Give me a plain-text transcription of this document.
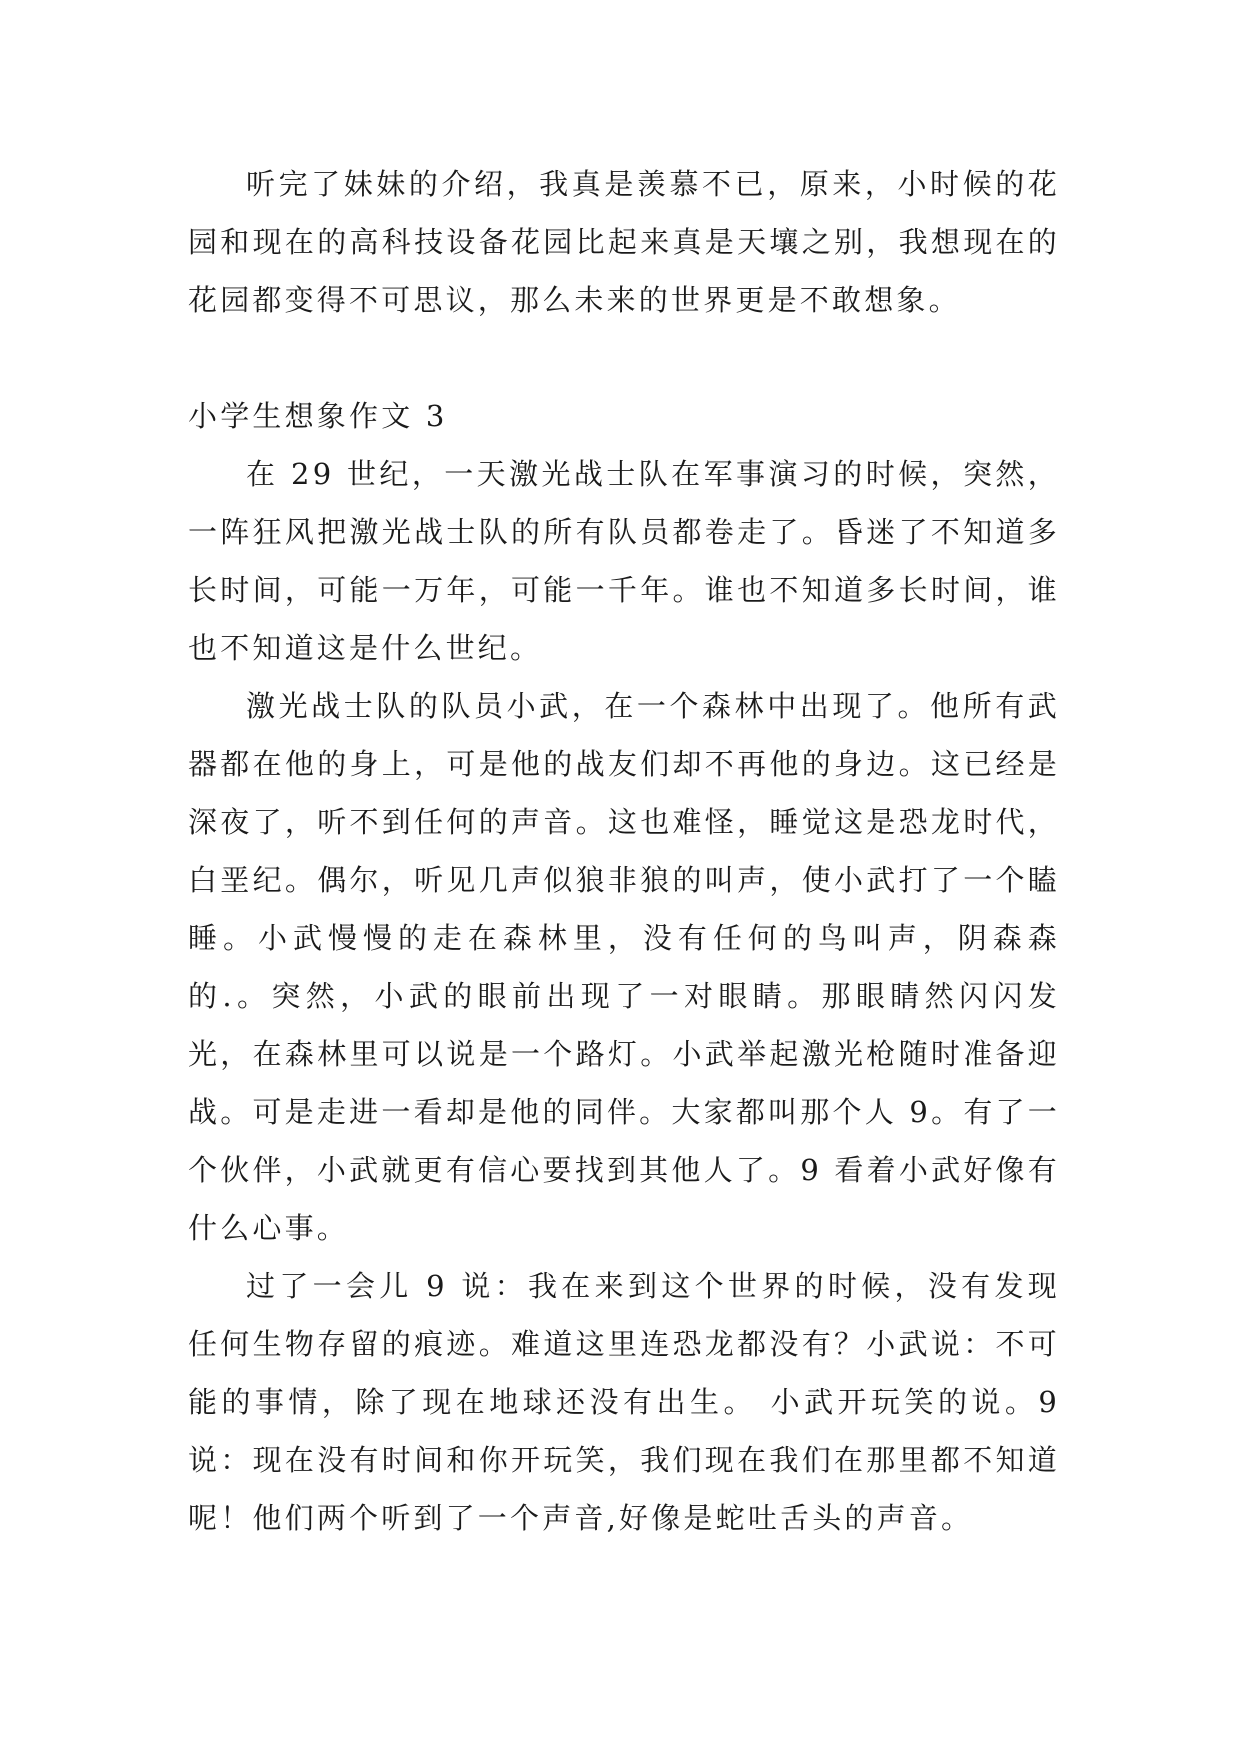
听完了妹妹的介绍，我真是羡慕不已，原来，小时候的花园和现在的高科技设备花园比起来真是天壤之别，我想现在的花园都变得不可思议，那么未来的世界更是不敢想象。

小学生想象作文 3

在 29 世纪，一天激光战士队在军事演习的时候，突然，一阵狂风把激光战士队的所有队员都卷走了。昏迷了不知道多长时间，可能一万年，可能一千年。谁也不知道多长时间，谁也不知道这是什么世纪。

激光战士队的队员小武，在一个森林中出现了。他所有武器都在他的身上，可是他的战友们却不再他的身边。这已经是深夜了，听不到任何的声音。这也难怪，睡觉这是恐龙时代，白垩纪。偶尔，听见几声似狼非狼的叫声，使小武打了一个瞌睡。小武慢慢的走在森林里，没有任何的鸟叫声，阴森森的.。突然，小武的眼前出现了一对眼睛。那眼睛然闪闪发光，在森林里可以说是一个路灯。小武举起激光枪随时准备迎战。可是走进一看却是他的同伴。大家都叫那个人 9。有了一个伙伴，小武就更有信心要找到其他人了。9 看着小武好像有什么心事。

过了一会儿 9 说：我在来到这个世界的时候，没有发现任何生物存留的痕迹。难道这里连恐龙都没有？小武说：不可能的事情，除了现在地球还没有出生。 小武开玩笑的说。9 说：现在没有时间和你开玩笑，我们现在我们在那里都不知道呢！他们两个听到了一个声音,好像是蛇吐舌头的声音。
